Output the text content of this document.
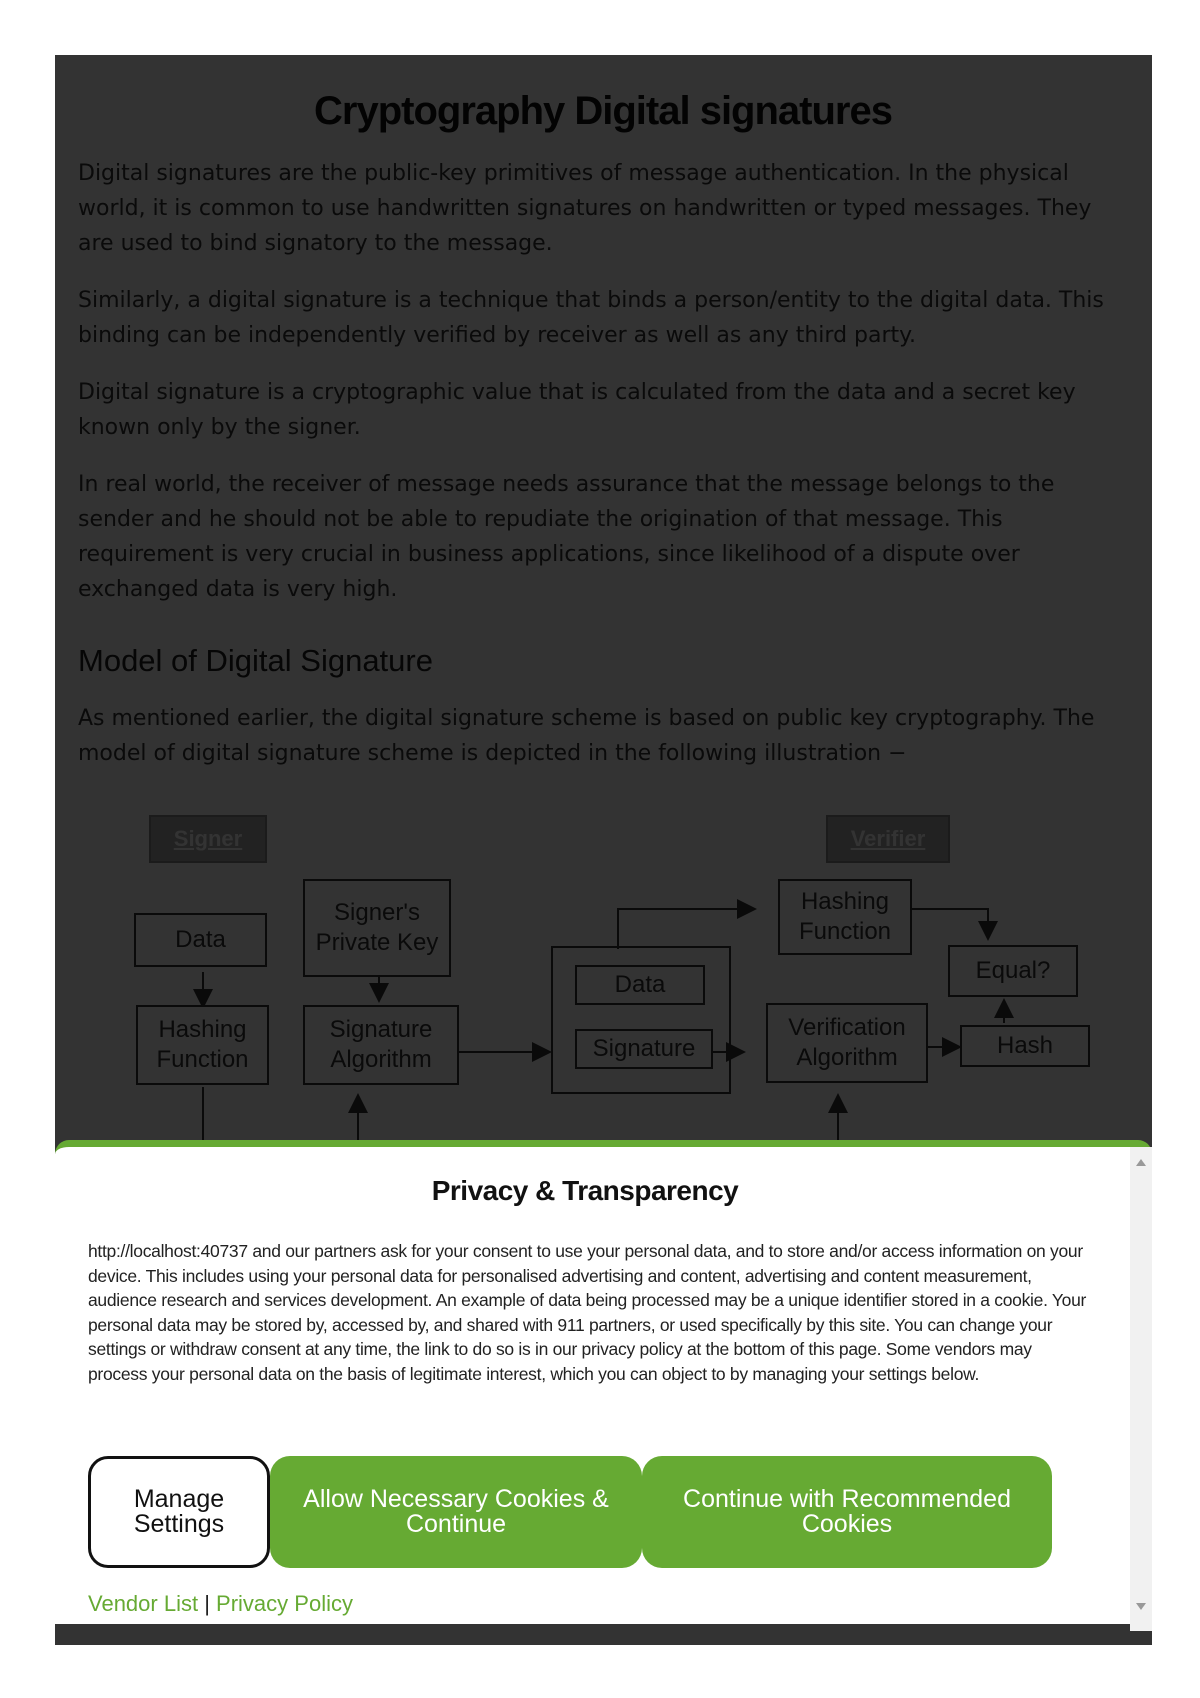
Privacy & Transparency
http://localhost:40737 and our partners ask for your consent to use your personal data, and to store and/or access information on your device. This includes using your personal data for personalised advertising and content, advertising and content measurement, audience research and services development. An example of data being processed may be a unique identifier stored in a cookie. Your personal data may be stored by, accessed by, and shared with 911 partners, or used specifically by this site. You can change your settings or withdraw consent at any time, the link to do so is in our privacy policy at the bottom of this page. Some vendors may process your personal data on the basis of legitimate interest, which you can object to by managing your settings below.
Manage Settings
Allow Necessary Cookies & Continue
Continue with Recommended Cookies
Vendor List | Privacy Policy
